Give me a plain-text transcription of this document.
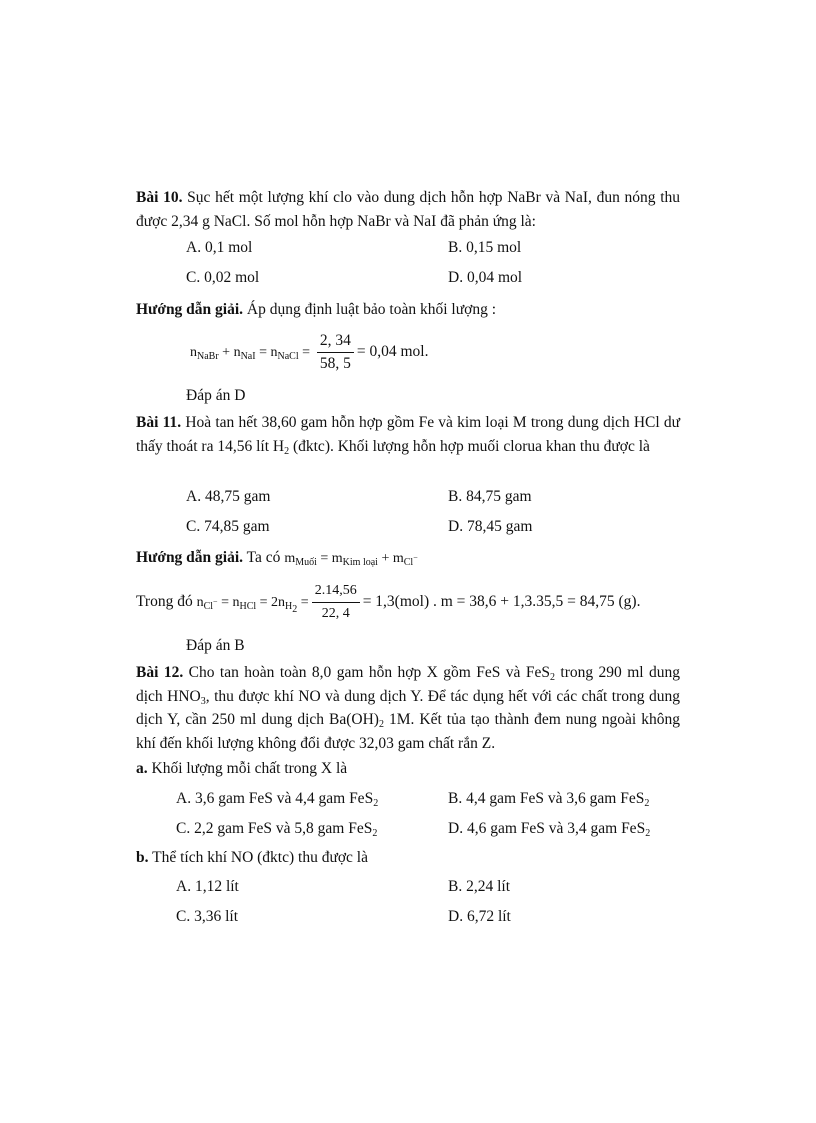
Bài 10. Sục hết một lượng khí clo vào dung dịch hỗn hợp NaBr và NaI, đun nóng thu được 2,34 g NaCl. Số mol hỗn hợp NaBr và NaI đã phản ứng là:

A. 0,1 mol	B. 0,15 mol
C. 0,02 mol	D. 0,04 mol
Hướng dẫn giải. Áp dụng định luật bảo toàn khối lượng :
$n_{NaBr} + n_{NaI} = n_{NaCl} = \frac{2, 34}{58, 5} = 0,04$ mol.
Đáp án D

Bài 11. Hoà tan hết 38,60 gam hỗn hợp gồm Fe và kim loại M trong dung dịch HCl dư thấy thoát ra 14,56 lít $H_2$ (đktc). Khối lượng hỗn hợp muối clorua khan thu được là

A. 48,75 gam	B. 84,75 gam
C. 74,85 gam	D. 78,45 gam
Hướng dẫn giải. Ta có $m_{Muối} = m_{Kim loại} + m_{Cl^-}$
Trong đó $n_{Cl^-} = n_{HCl} = 2n_{H_2} = \frac{2.14,56}{22, 4} = 1,3(mol)$ . m = 38,6 + 1,3.35,5 = 84,75 (g).
Đáp án B

Bài 12. Cho tan hoàn toàn 8,0 gam hỗn hợp X gồm FeS và FeS$_2$ trong 290 ml dung dịch $HNO_3$, thu được khí NO và dung dịch Y. Để tác dụng hết với các chất trong dung dịch Y, cần 250 ml dung dịch $Ba(OH)_2$ 1M. Kết tủa tạo thành đem nung ngoài không khí đến khối lượng không đổi được 32,03 gam chất rắn Z.

a. Khối lượng mỗi chất trong X là
A. 3,6 gam FeS và 4,4 gam FeS$_2$	B. 4,4 gam FeS và 3,6 gam FeS$_2$
C. 2,2 gam FeS và 5,8 gam FeS$_2$	D. 4,6 gam FeS và 3,4 gam FeS$_2$
b. Thể tích khí NO (đktc) thu được là
A. 1,12 lít	B. 2,24 lít
C. 3,36 lít	D. 6,72 lít
